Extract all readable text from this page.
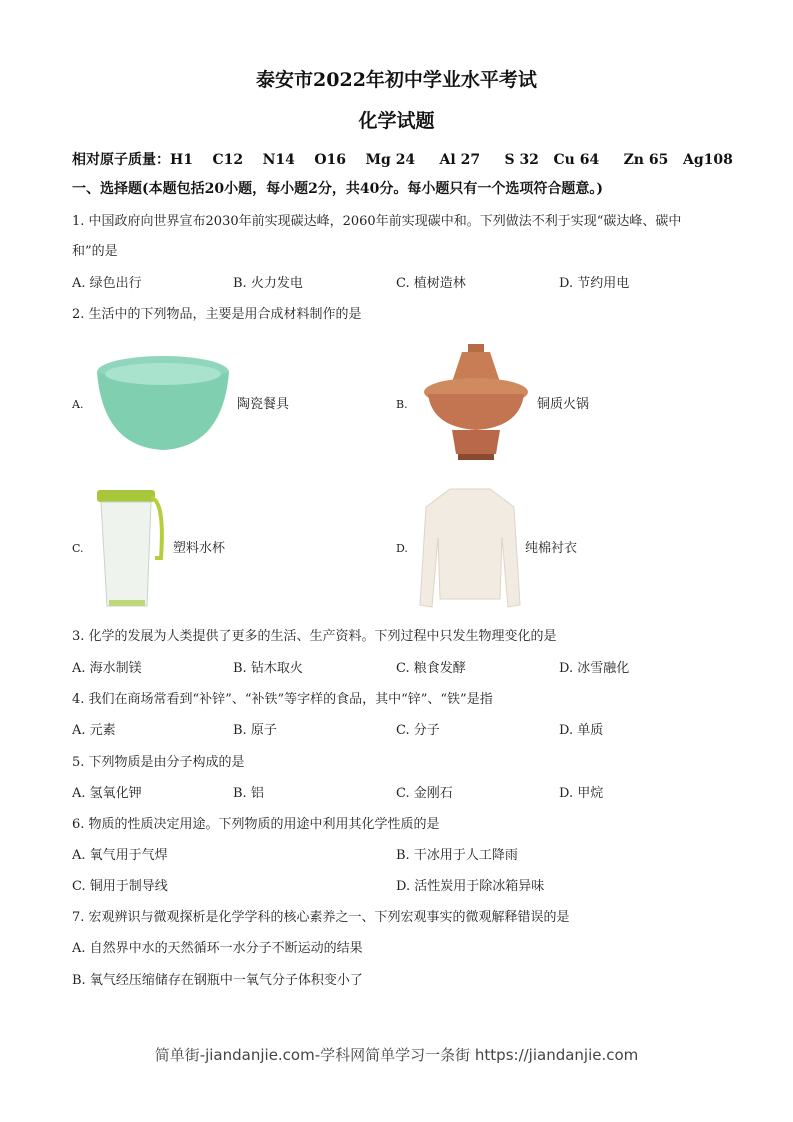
泰安市2022年初中学业水平考试
化学试题
相对原子质量：H1    C12    N14    O16    Mg 24     Al 27     S 32   Cu 64     Zn 65   Ag108
一、选择题(本题包括20小题，每小题2分，共40分。每小题只有一个选项符合题意。)
1. 中国政府向世界宣布2030年前实现碳达峰，2060年前实现碳中和。下列做法不利于实现“碳达峰、碳中
和”的是
A. 绿色出行	B. 火力发电	C. 植树造林	D. 节约用电
2. 生活中的下列物品，主要是用合成材料制作的是
A.	陶瓷餐具	B.	铜质火锅
C.	塑料水杯	D.	纯棉衬衣
3. 化学的发展为人类提供了更多的生活、生产资料。下列过程中只发生物理变化的是
A. 海水制镁	B. 钻木取火	C. 粮食发酵	D. 冰雪融化
4. 我们在商场常看到“补锌”、“补铁”等字样的食品，其中“锌”、“铁”是指
A. 元素	B. 原子	C. 分子	D. 单质
5. 下列物质是由分子构成的是
A. 氢氧化钾	B. 铝	C. 金刚石	D. 甲烷
6. 物质的性质决定用途。下列物质的用途中利用其化学性质的是
A. 氧气用于气焊	B. 干冰用于人工降雨
C. 铜用于制导线	D. 活性炭用于除冰箱异味
7. 宏观辨识与微观探析是化学学科的核心素养之一、下列宏观事实的微观解释错误的是
A. 自然界中水的天然循环一水分子不断运动的结果
B. 氧气经压缩储存在钢瓶中一氧气分子体积变小了
简单街-jiandanjie.com-学科网简单学习一条街 https://jiandanjie.com
